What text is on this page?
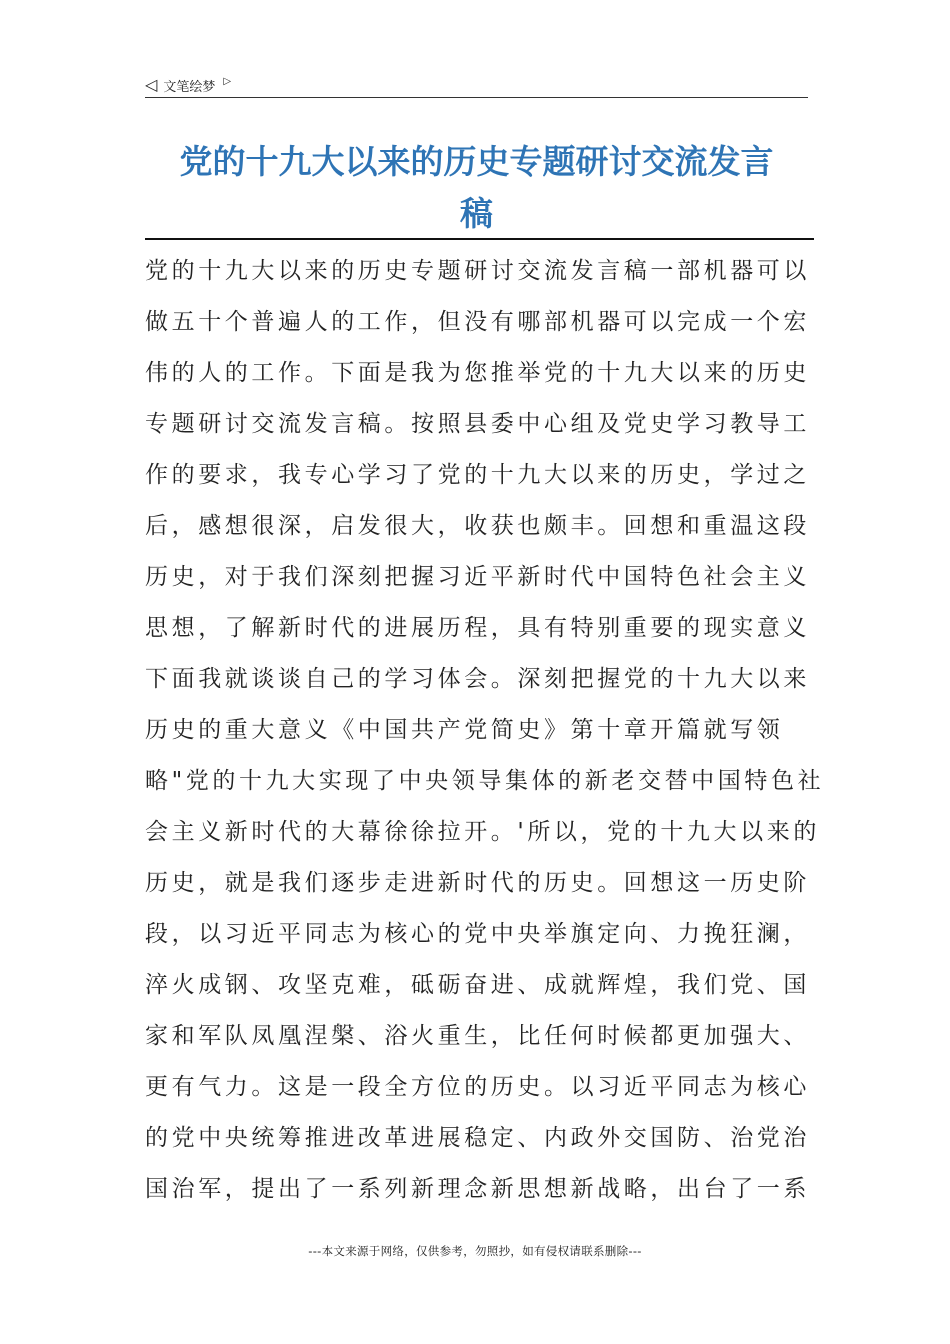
◁ 文笔绘梦 ▷
党的十九大以来的历史专题研讨交流发言
稿
党的十九大以来的历史专题研讨交流发言稿一部机器可以
做五十个普遍人的工作，但没有哪部机器可以完成一个宏
伟的人的工作。下面是我为您推举党的十九大以来的历史
专题研讨交流发言稿。按照县委中心组及党史学习教导工
作的要求，我专心学习了党的十九大以来的历史，学过之
后，感想很深，启发很大，收获也颇丰。回想和重温这段
历史，对于我们深刻把握习近平新时代中国特色社会主义
思想，了解新时代的进展历程，具有特别重要的现实意义
下面我就谈谈自己的学习体会。深刻把握党的十九大以来
历史的重大意义《中国共产党简史》第十章开篇就写领
略"党的十九大实现了中央领导集体的新老交替中国特色社
会主义新时代的大幕徐徐拉开。'所以，党的十九大以来的
历史，就是我们逐步走进新时代的历史。回想这一历史阶
段，以习近平同志为核心的党中央举旗定向、力挽狂澜，
淬火成钢、攻坚克难，砥砺奋进、成就辉煌，我们党、国
家和军队凤凰涅槃、浴火重生，比任何时候都更加强大、
更有气力。这是一段全方位的历史。以习近平同志为核心
的党中央统筹推进改革进展稳定、内政外交国防、治党治
国治军，提出了一系列新理念新思想新战略，出台了一系
---本文来源于网络，仅供参考，勿照抄，如有侵权请联系删除---
